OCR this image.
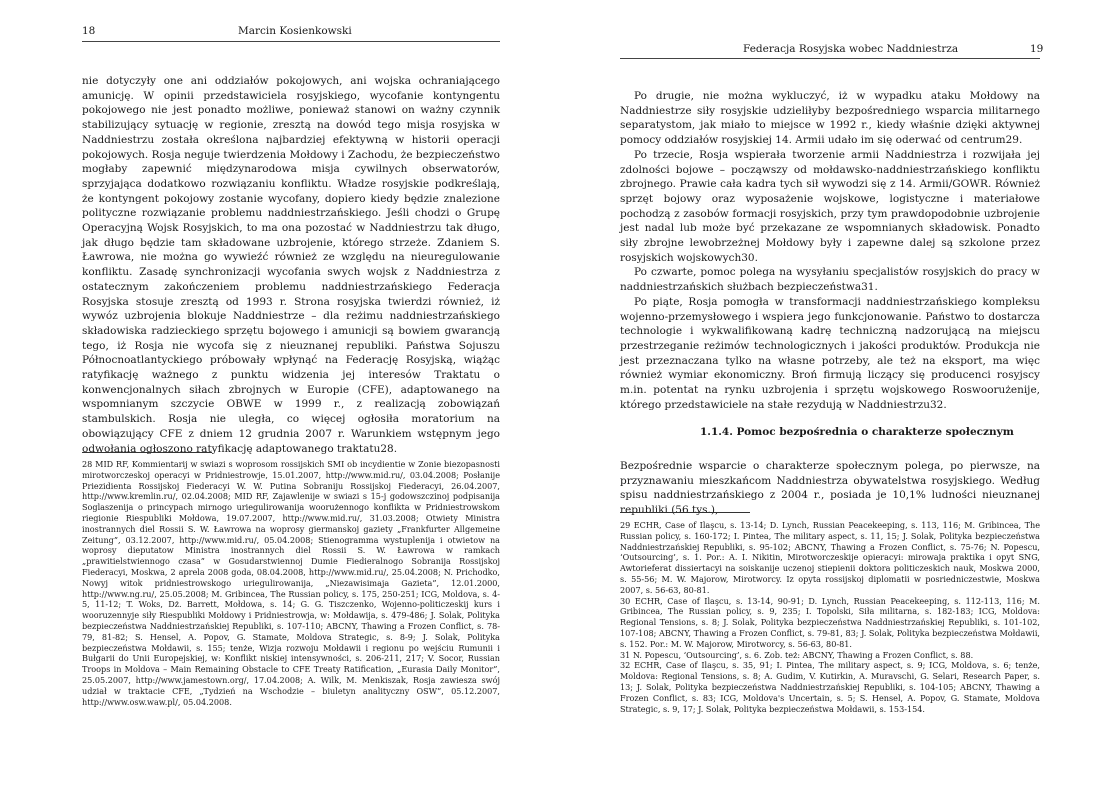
18	Marcin Kosienkowski

nie dotyczyły one ani oddziałów pokojowych, ani wojska ochraniającego amunicję. W opinii przedstawiciela rosyjskiego, wycofanie kontyngentu pokojowego nie jest ponadto możliwe, ponieważ stanowi on ważny czynnik stabilizujący sytuację w regionie, zresztą na dowód tego misja rosyjska w Naddniestrzu została określona najbardziej efektywną w historii operacji pokojowych. Rosja neguje twierdzenia Mołdowy i Zachodu, że bezpieczeństwo mogłaby zapewnić międzynarodowa misja cywilnych obserwatorów, sprzyjająca dodatkowo rozwiązaniu konfliktu. Władze rosyjskie podkreślają, że kontyngent pokojowy zostanie wycofany, dopiero kiedy będzie znalezione polityczne rozwiązanie problemu naddniestrzańskiego. Jeśli chodzi o Grupę Operacyjną Wojsk Rosyjskich, to ma ona pozostać w Naddniestrzu tak długo, jak długo będzie tam składowane uzbrojenie, którego strzeże. Zdaniem S. Ławrowa, nie można go wywieźć również ze względu na nieuregulowanie konfliktu. Zasadę synchronizacji wycofania swych wojsk z Naddniestrza z ostatecznym zakończeniem problemu naddniestrzańskiego Federacja Rosyjska stosuje zresztą od 1993 r. Strona rosyjska twierdzi również, iż wywóz uzbrojenia blokuje Naddniestrze – dla reżimu naddniestrzańskiego składowiska radzieckiego sprzętu bojowego i amunicji są bowiem gwarancją tego, iż Rosja nie wycofa się z nieuznanej republiki. Państwa Sojuszu Północnoatlantyckiego próbowały wpłynąć na Federację Rosyjską, wiążąc ratyfikację ważnego z punktu widzenia jej interesów Traktatu o konwencjonalnych siłach zbrojnych w Europie (CFE), adaptowanego na wspomnianym szczycie OBWE w 1999 r., z realizacją zobowiązań stambulskich. Rosja nie uległa, co więcej ogłosiła moratorium na obowiązujący CFE z dniem 12 grudnia 2007 r. Warunkiem wstępnym jego odwołania ogłoszono ratyfikację adaptowanego traktatu28.

28 MID RF, Kommientarij w swiazi s woprosom rossijskich SMI ob incydientie w Zonie biezopasnosti mirotworczeskoj operacyi w Pridniestrowje, 15.01.2007, http://www.mid.ru/, 03.04.2008; Posłanije Priezidienta Rossijskoj Fiederacyi W. W. Putina Sobraniju Rossijskoj Fiederacyi, 26.04.2007, http://www.kremlin.ru/, 02.04.2008; MID RF, Zajawlenije w swiazi s 15-j godowszczinoj podpisanija Soglaszenija o princypach mirnogo uriegulirowanija woorużennogo konflikta w Pridniestrowskom riegionie Riespubliki Mołdowa, 19.07.2007, http://www.mid.ru/, 31.03.2008; Otwiety Ministra inostrannych diel Rossii S. W. Ławrowa na woprosy giermanskoj gaziety „Frankfurter Allgemeine Zeitung”, 03.12.2007, http://www.mid.ru/, 05.04.2008; Stienogramma wystuplenija i otwietow na woprosy dieputatow Ministra inostrannych diel Rossii S. W. Ławrowa w ramkach „prawitielstwiennogo czasa” w Gosudarstwiennoj Dumie Fiedieralnogo Sobranija Rossijskoj Fiederacyi, Moskwa, 2 aprela 2008 goda, 08.04.2008, http://www.mid.ru/, 25.04.2008; N. Prichodko, Nowyj witok pridniestrowskogo uriegulirowanija, „Niezawisimaja Gazieta”, 12.01.2000, http://www.ng.ru/, 25.05.2008; M. Gribincea, The Russian policy, s. 175, 250-251; ICG, Moldova, s. 4-5, 11-12; T. Woks, Dż. Barrett, Mołdowa, s. 14; G. G. Tiszczenko, Wojenno-politiczeskij kurs i wooruzennyje siły Riespubliki Mołdowy i Pridniestrowja, w: Mołdawija, s. 479-486; J. Solak, Polityka bezpieczeństwa Naddniestrzańskiej Republiki, s. 107-110; ABCNY, Thawing a Frozen Conflict, s. 78-79, 81-82; S. Hensel, A. Popov, G. Stamate, Moldova Strategic, s. 8-9; J. Solak, Polityka bezpieczeństwa Mołdawii, s. 155; tenże, Wizja rozwoju Mołdawii i regionu po wejściu Rumunii i Bułgarii do Unii Europejskiej, w: Konflikt niskiej intensywności, s. 206-211, 217; V. Socor, Russian Troops in Moldova – Main Remaining Obstacle to CFE Treaty Ratification, „Eurasia Daily Monitor”, 25.05.2007, http://www.jamestown.org/, 17.04.2008; A. Wilk, M. Menkiszak, Rosja zawiesza swój udział w traktacie CFE, „Tydzień na Wschodzie – biuletyn analityczny OSW”, 05.12.2007, http://www.osw.waw.pl/, 05.04.2008.

Federacja Rosyjska wobec Naddniestrza	19

Po drugie, nie można wykluczyć, iż w wypadku ataku Mołdowy na Naddniestrze siły rosyjskie udzieliłyby bezpośredniego wsparcia militarnego separatystom, jak miało to miejsce w 1992 r., kiedy właśnie dzięki aktywnej pomocy oddziałów rosyjskiej 14. Armii udało im się oderwać od centrum29.

Po trzecie, Rosja wspierała tworzenie armii Naddniestrza i rozwijała jej zdolności bojowe – począwszy od mołdawsko-naddniestrzańskiego konfliktu zbrojnego. Prawie cała kadra tych sił wywodzi się z 14. Armii/GOWR. Również sprzęt bojowy oraz wyposażenie wojskowe, logistyczne i materiałowe pochodzą z zasobów formacji rosyjskich, przy tym prawdopodobnie uzbrojenie jest nadal lub może być przekazane ze wspomnianych składowisk. Ponadto siły zbrojne lewobrzeżnej Mołdowy były i zapewne dalej są szkolone przez rosyjskich wojskowych30.

Po czwarte, pomoc polega na wysyłaniu specjalistów rosyjskich do pracy w naddniestrzańskich służbach bezpieczeństwa31.

Po piąte, Rosja pomogła w transformacji naddniestrzańskiego kompleksu wojenno-przemysłowego i wspiera jego funkcjonowanie. Państwo to dostarcza technologie i wykwalifikowaną kadrę techniczną nadzorującą na miejscu przestrzeganie reżimów technologicznych i jakości produktów. Produkcja nie jest przeznaczana tylko na własne potrzeby, ale też na eksport, ma więc również wymiar ekonomiczny. Broń firmują liczący się producenci rosyjscy m.in. potentat na rynku uzbrojenia i sprzętu wojskowego Roswoorużenije, którego przedstawiciele na stałe rezydują w Naddniestrzu32.

1.1.4. Pomoc bezpośrednia o charakterze społecznym

Bezpośrednie wsparcie o charakterze społecznym polega, po pierwsze, na przyznawaniu mieszkańcom Naddniestrza obywatelstwa rosyjskiego. Według spisu naddniestrzańskiego z 2004 r., posiada je 10,1% ludności nieuznanej republiki (56 tys.),

29 ECHR, Case of Ilaşcu, s. 13-14; D. Lynch, Russian Peacekeeping, s. 113, 116; M. Gribincea, The Russian policy, s. 160-172; I. Pintea, The military aspect, s. 11, 15; J. Solak, Polityka bezpieczeństwa Naddniestrzańskiej Republiki, s. 95-102; ABCNY, Thawing a Frozen Conflict, s. 75-76; N. Popescu, ‘Outsourcing’, s. 1. Por.: A. I. Nikitin, Mirotworczeskije opieracyi: mirowaja praktika i opyt SNG, Awtorieferat dissiertacyi na soiskanije uczenoj stiepienii doktora politiczeskich nauk, Moskwa 2000, s. 55-56; M. W. Majorow, Mirotworcy. Iz opyta rossijskoj diplomatii w posriedniczestwie, Moskwa 2007, s. 56-63, 80-81.

30 ECHR, Case of Ilaşcu, s. 13-14, 90-91; D. Lynch, Russian Peacekeeping, s. 112-113, 116; M. Gribincea, The Russian policy, s. 9, 235; I. Topolski, Siła militarna, s. 182-183; ICG, Moldova: Regional Tensions, s. 8; J. Solak, Polityka bezpieczeństwa Naddniestrzańskiej Republiki, s. 101-102, 107-108; ABCNY, Thawing a Frozen Conflict, s. 79-81, 83; J. Solak, Polityka bezpieczeństwa Mołdawii, s. 152. Por.: M. W. Majorow, Mirotworcy, s. 56-63, 80-81.

31 N. Popescu, ‘Outsourcing’, s. 6. Zob. też: ABCNY, Thawing a Frozen Conflict, s. 88.

32 ECHR, Case of Ilaşcu, s. 35, 91; I. Pintea, The military aspect, s. 9; ICG, Moldova, s. 6; tenże, Moldova: Regional Tensions, s. 8; A. Gudim, V. Kutirkin, A. Muravschi, G. Selari, Research Paper, s. 13; J. Solak, Polityka bezpieczeństwa Naddniestrzańskiej Republiki, s. 104-105; ABCNY, Thawing a Frozen Conflict, s. 83; ICG, Moldova's Uncertain, s. 5; S. Hensel, A. Popov, G. Stamate, Moldova Strategic, s. 9, 17; J. Solak, Polityka bezpieczeństwa Mołdawii, s. 153-154.
